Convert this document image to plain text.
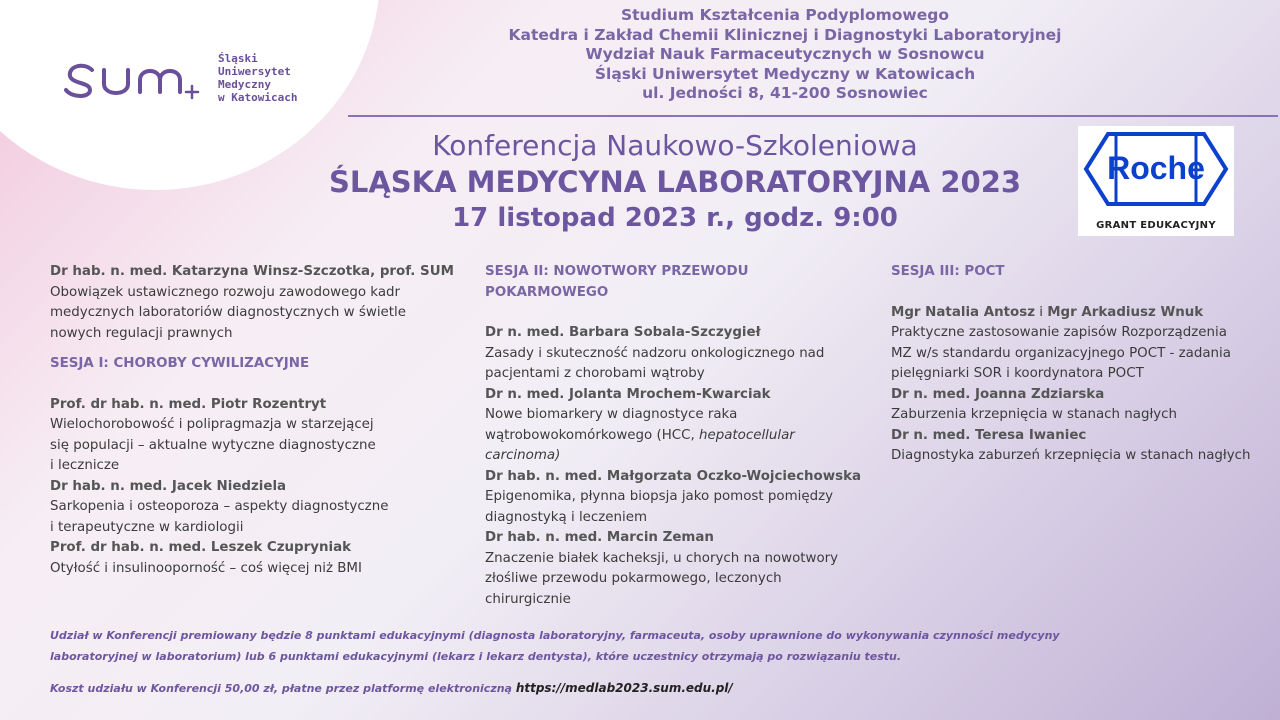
Śląski
Uniwersytet
Medyczny
w Katowicach
Studium Kształcenia Podyplomowego
Katedra i Zakład Chemii Klinicznej i Diagnostyki Laboratoryjnej
Wydział Nauk Farmaceutycznych w Sosnowcu
Śląski Uniwersytet Medyczny w Katowicach
ul. Jedności 8, 41-200 Sosnowiec
Konferencja Naukowo-Szkoleniowa
ŚLĄSKA MEDYCYNA LABORATORYJNA 2023
17 listopad 2023 r., godz. 9:00
Roche
GRANT EDUKACYJNY
Dr hab. n. med. Katarzyna Winsz-Szczotka, prof. SUM
Obowiązek ustawicznego rozwoju zawodowego kadr
medycznych laboratoriów diagnostycznych w świetle
nowych regulacji prawnych
SESJA I: CHOROBY CYWILIZACYJNE
Prof. dr hab. n. med. Piotr Rozentryt
Wielochorobowość i polipragmazja w starzejącej
się populacji – aktualne wytyczne diagnostyczne
i lecznicze
Dr hab. n. med. Jacek Niedziela
Sarkopenia i osteoporoza – aspekty diagnostyczne
i terapeutyczne w kardiologii
Prof. dr hab. n. med. Leszek Czupryniak
Otyłość i insulinooporność – coś więcej niż BMI
SESJA II: NOWOTWORY PRZEWODU
POKARMOWEGO
Dr n. med. Barbara Sobala-Szczygieł
Zasady i skuteczność nadzoru onkologicznego nad
pacjentami z chorobami wątroby
Dr n. med. Jolanta Mrochem-Kwarciak
Nowe biomarkery w diagnostyce raka
wątrobowokomórkowego (HCC, hepatocellular
carcinoma)
Dr hab. n. med. Małgorzata Oczko-Wojciechowska
Epigenomika, płynna biopsja jako pomost pomiędzy
diagnostyką i leczeniem
Dr hab. n. med. Marcin Zeman
Znaczenie białek kacheksji, u chorych na nowotwory
złośliwe przewodu pokarmowego, leczonych
chirurgicznie
SESJA III: POCT
Mgr Natalia Antosz i Mgr Arkadiusz Wnuk
Praktyczne zastosowanie zapisów Rozporządzenia
MZ w/s standardu organizacyjnego POCT - zadania
pielęgniarki SOR i koordynatora POCT
Dr n. med. Joanna Zdziarska
Zaburzenia krzepnięcia w stanach nagłych
Dr n. med. Teresa Iwaniec
Diagnostyka zaburzeń krzepnięcia w stanach nagłych
Udział w Konferencji premiowany będzie 8 punktami edukacyjnymi (diagnosta laboratoryjny, farmaceuta, osoby uprawnione do wykonywania czynności medycyny
laboratoryjnej w laboratorium) lub 6 punktami edukacyjnymi (lekarz i lekarz dentysta), które uczestnicy otrzymają po rozwiązaniu testu.
Koszt udziału w Konferencji 50,00 zł, płatne przez platformę elektroniczną https://medlab2023.sum.edu.pl/
